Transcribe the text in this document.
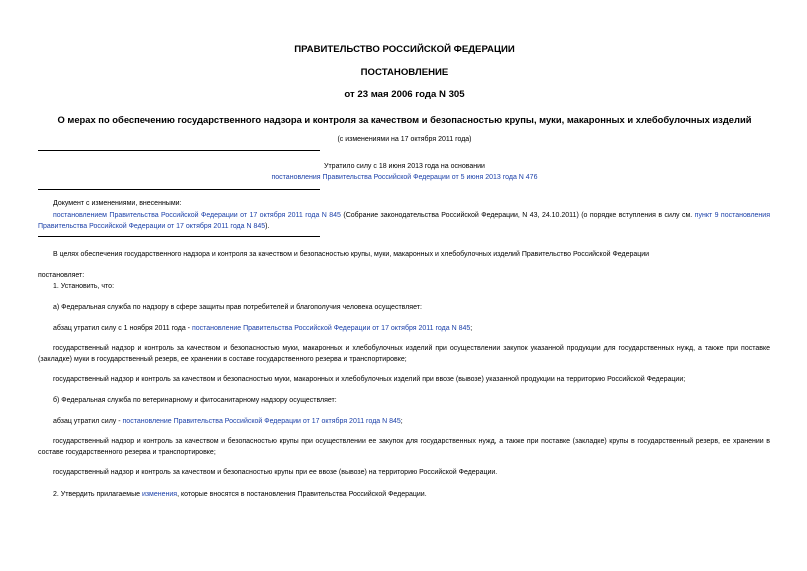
ПРАВИТЕЛЬСТВО РОССИЙСКОЙ ФЕДЕРАЦИИ
ПОСТАНОВЛЕНИЕ
от 23 мая 2006 года N 305
О мерах по обеспечению государственного надзора и контроля за качеством и безопасностью крупы, муки, макаронных и хлебобулочных изделий
(с изменениями на 17 октября 2011 года)
Утратило силу с 18 июня 2013 года на основании
постановления Правительства Российской Федерации от 5 июня 2013 года N 476
Документ с изменениями, внесенными:
постановлением Правительства Российской Федерации от 17 октября 2011 года N 845 (Собрание законодательства Российской Федерации, N 43, 24.10.2011) (о порядке вступления в силу см. пункт 9 постановления Правительства Российской Федерации от 17 октября 2011 года N 845).
В целях обеспечения государственного надзора и контроля за качеством и безопасностью крупы, муки, макаронных и хлебобулочных изделий Правительство Российской Федерации
постановляет:
1. Установить, что:
а) Федеральная служба по надзору в сфере защиты прав потребителей и благополучия человека осуществляет:
абзац утратил силу с 1 ноября 2011 года - постановление Правительства Российской Федерации от 17 октября 2011 года N 845;
государственный надзор и контроль за качеством и безопасностью муки, макаронных и хлебобулочных изделий при осуществлении закупок указанной продукции для государственных нужд, а также при поставке (закладке) муки в государственный резерв, ее хранении в составе государственного резерва и транспортировке;
государственный надзор и контроль за качеством и безопасностью муки, макаронных и хлебобулочных изделий при ввозе (вывозе) указанной продукции на территорию Российской Федерации;
б) Федеральная служба по ветеринарному и фитосанитарному надзору осуществляет:
абзац утратил силу - постановление Правительства Российской Федерации от 17 октября 2011 года N 845;
государственный надзор и контроль за качеством и безопасностью крупы при осуществлении ее закупок для государственных нужд, а также при поставке (закладке) крупы в государственный резерв, ее хранении в составе государственного резерва и транспортировке;
государственный надзор и контроль за качеством и безопасностью крупы при ее ввозе (вывозе) на территорию Российской Федерации.
2. Утвердить прилагаемые изменения, которые вносятся в постановления Правительства Российской Федерации.
